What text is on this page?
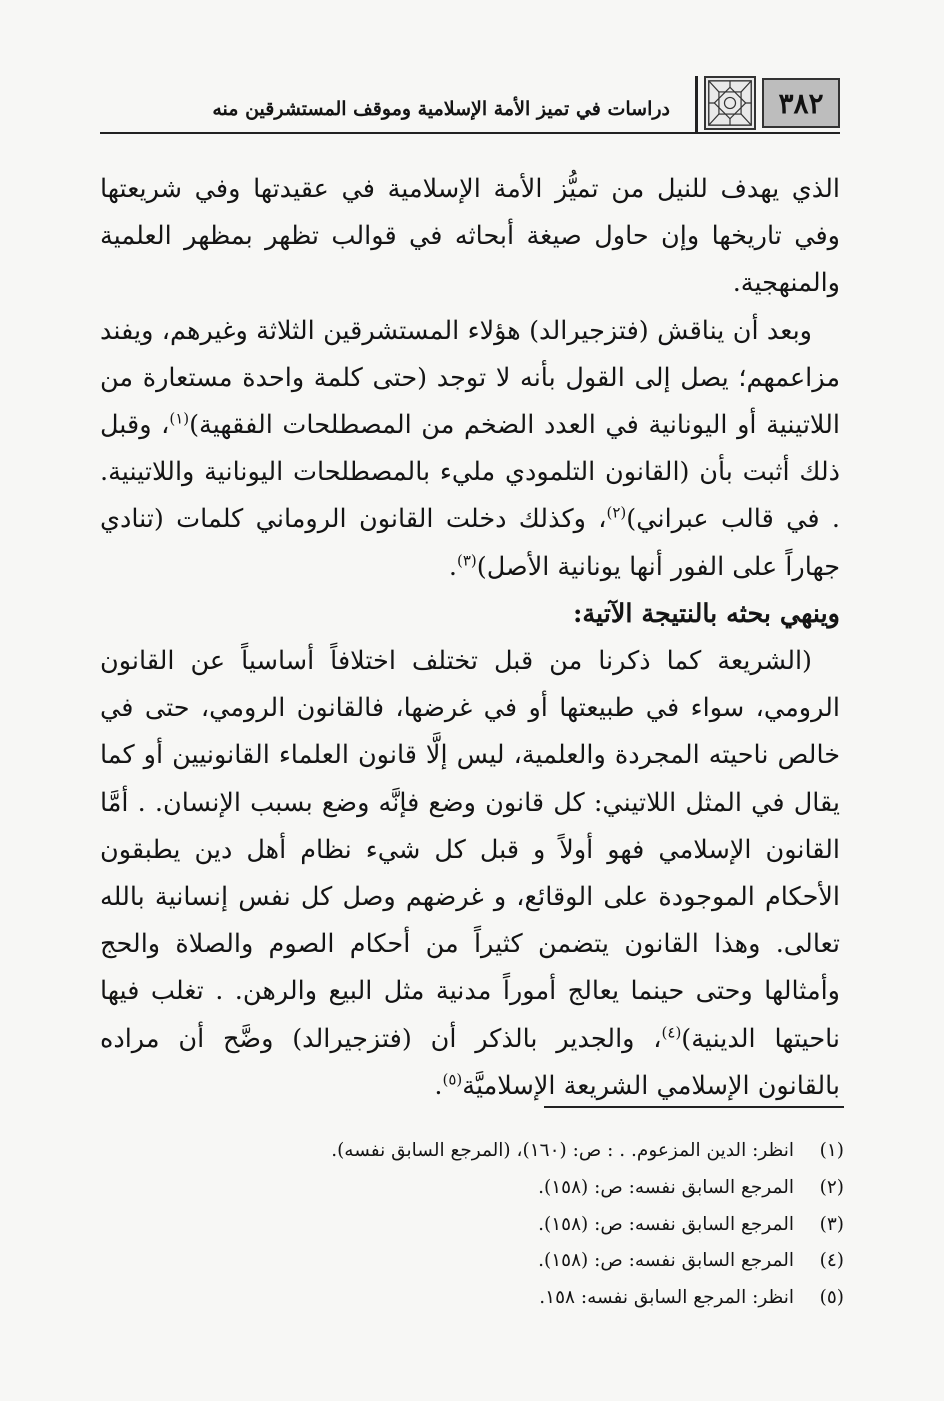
٣٨٢
دراسات في تميز الأمة الإسلامية وموقف المستشرقين منه

الذي يهدف للنيل من تميُّز الأمة الإسلامية في عقيدتها وفي شريعتها وفي تاريخها وإن حاول صيغة أبحاثه في قوالب تظهر بمظهر العلمية والمنهجية.

وبعد أن يناقش (فتزجيرالد) هؤلاء المستشرقين الثلاثة وغيرهم، ويفند مزاعمهم؛ يصل إلى القول بأنه لا توجد (حتى كلمة واحدة مستعارة من اللاتينية أو اليونانية في العدد الضخم من المصطلحات الفقهية)$^{(١)}$، وقبل ذلك أثبت بأن (القانون التلمودي مليء بالمصطلحات اليونانية واللاتينية. . في قالب عبراني)$^{(٢)}$، وكذلك دخلت القانون الروماني كلمات (تنادي جهاراً على الفور أنها يونانية الأصل)$^{(٣)}$.

وينهي بحثه بالنتيجة الآتية:

(الشريعة كما ذكرنا من قبل تختلف اختلافاً أساسياً عن القانون الرومي، سواء في طبيعتها أو في غرضها، فالقانون الرومي، حتى في خالص ناحيته المجردة والعلمية، ليس إلَّا قانون العلماء القانونيين أو كما يقال في المثل اللاتيني: كل قانون وضع فإنَّه وضع بسبب الإنسان. . أمَّا القانون الإسلامي فهو أولاً و قبل كل شيء نظام أهل دين يطبقون الأحكام الموجودة على الوقائع، و غرضهم وصل كل نفس إنسانية بالله تعالى. وهذا القانون يتضمن كثيراً من أحكام الصوم والصلاة والحج وأمثالها وحتى حينما يعالج أموراً مدنية مثل البيع والرهن. . تغلب فيها ناحيتها الدينية)$^{(٤)}$، والجدير بالذكر أن (فتزجيرالد) وضَّح أن مراده بالقانون الإسلامي الشريعة الإسلاميَّة$^{(٥)}$.

(١)
انظر: الدين المزعوم. . : ص: (١٦٠)، (المرجع السابق نفسه).
(٢)
المرجع السابق نفسه: ص: (١٥٨).
(٣)
المرجع السابق نفسه: ص: (١٥٨).
(٤)
المرجع السابق نفسه: ص: (١٥٨).
(٥)
انظر: المرجع السابق نفسه: ١٥٨.
